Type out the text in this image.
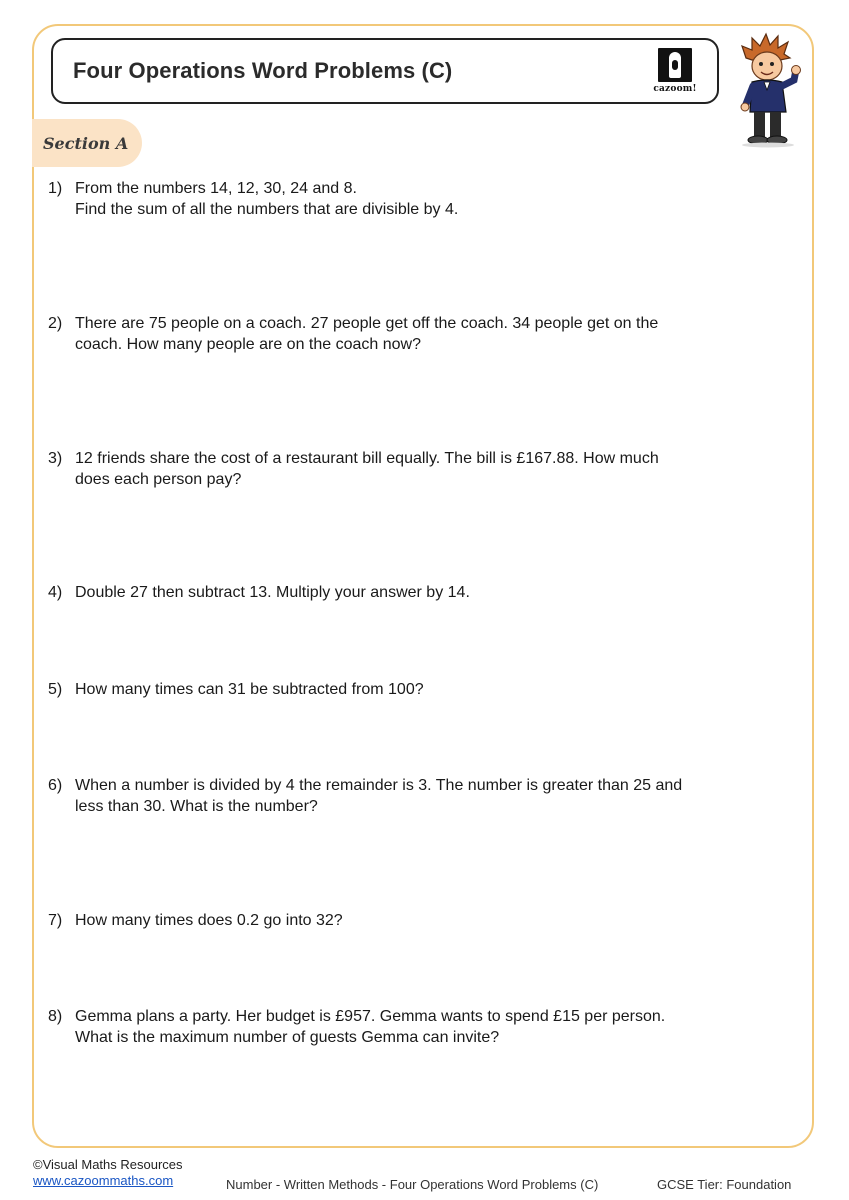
Four Operations Word Problems (C)
cazoom!
Section A
1) From the numbers 14, 12, 30, 24 and 8.

Find the sum of all the numbers that are divisible by 4.

2) There are 75 people on a coach. 27 people get off the coach. 34 people get on the

coach. How many people are on the coach now?

3) 12 friends share the cost of a restaurant bill equally. The bill is £167.88. How much

does each person pay?

4) Double 27 then subtract 13. Multiply your answer by 14.

5) How many times can 31 be subtracted from 100?

6) When a number is divided by 4 the remainder is 3. The number is greater than 25 and

less than 30. What is the number?

7) How many times does 0.2 go into 32?

8) Gemma plans a party. Her budget is £957. Gemma wants to spend £15 per person.

What is the maximum number of guests Gemma can invite?

©Visual Maths Resources
www.cazoommaths.com	Number - Written Methods - Four Operations Word Problems (C)	GCSE Tier: Foundation
